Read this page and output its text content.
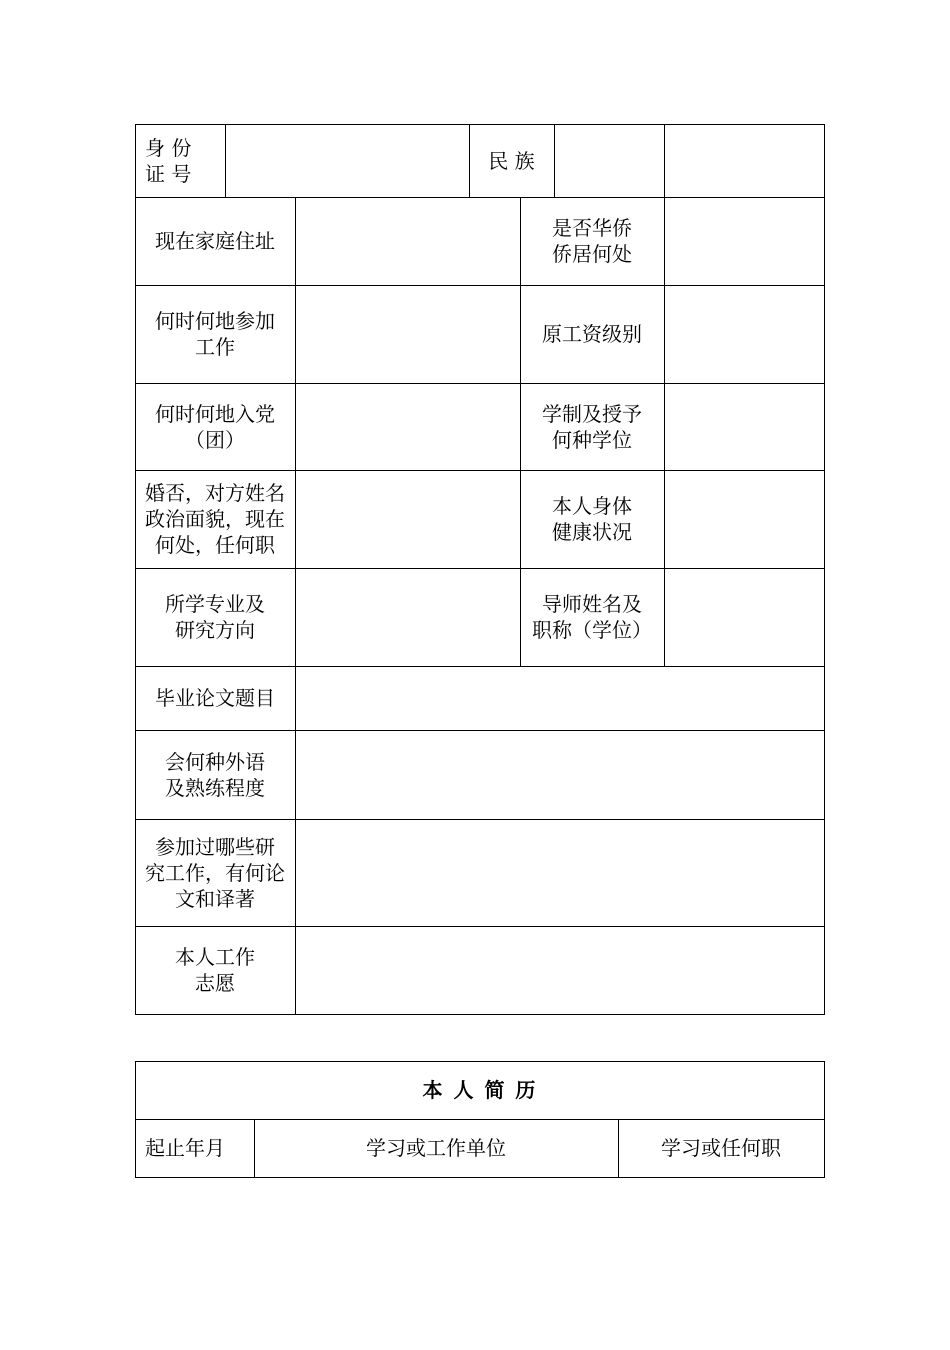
身 份
证 号
民 族
现在家庭住址
是否华侨
侨居何处
何时何地参加
工作
原工资级别
何时何地入党
（团）
学制及授予
何种学位
婚否，对方姓名
政治面貌，现在
何处，任何职
本人身体
健康状况
所学专业及
研究方向
导师姓名及
职称（学位）
毕业论文题目
会何种外语
及熟练程度
参加过哪些研
究工作，有何论
文和译著
本人工作
志愿
本 人 简 历
起止年月	学习或工作单位	学习或任何职
